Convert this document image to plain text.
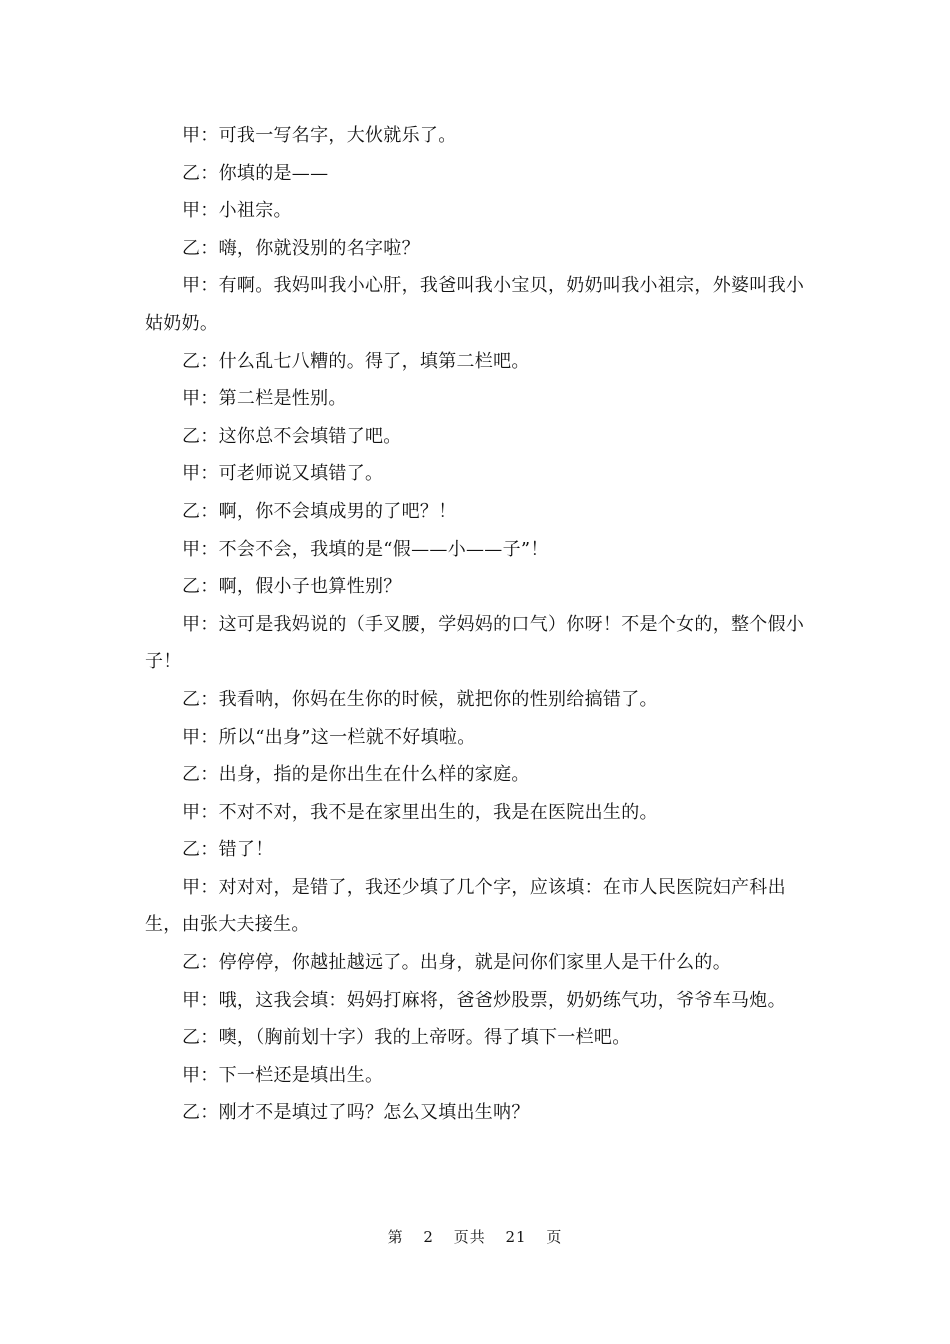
甲：可我一写名字，大伙就乐了。

乙：你填的是——

甲：小祖宗。

乙：嗨，你就没别的名字啦？

甲：有啊。我妈叫我小心肝，我爸叫我小宝贝，奶奶叫我小祖宗，外婆叫我小姑奶奶。

乙：什么乱七八糟的。得了，填第二栏吧。

甲：第二栏是性别。

乙：这你总不会填错了吧。

甲：可老师说又填错了。

乙：啊，你不会填成男的了吧？！

甲：不会不会，我填的是“假——小——子”！

乙：啊，假小子也算性别？

甲：这可是我妈说的（手叉腰，学妈妈的口气）你呀！不是个女的，整个假小子！

乙：我看呐，你妈在生你的时候，就把你的性别给搞错了。

甲：所以“出身”这一栏就不好填啦。

乙：出身，指的是你出生在什么样的家庭。

甲：不对不对，我不是在家里出生的，我是在医院出生的。

乙：错了！

甲：对对对，是错了，我还少填了几个字，应该填：在市人民医院妇产科出生，由张大夫接生。

乙：停停停，你越扯越远了。出身，就是问你们家里人是干什么的。

甲：哦，这我会填：妈妈打麻将，爸爸炒股票，奶奶练气功，爷爷车马炮。

乙：噢，（胸前划十字）我的上帝呀。得了填下一栏吧。

甲：下一栏还是填出生。

乙：刚才不是填过了吗？怎么又填出生呐？

第 2 页共 21 页
